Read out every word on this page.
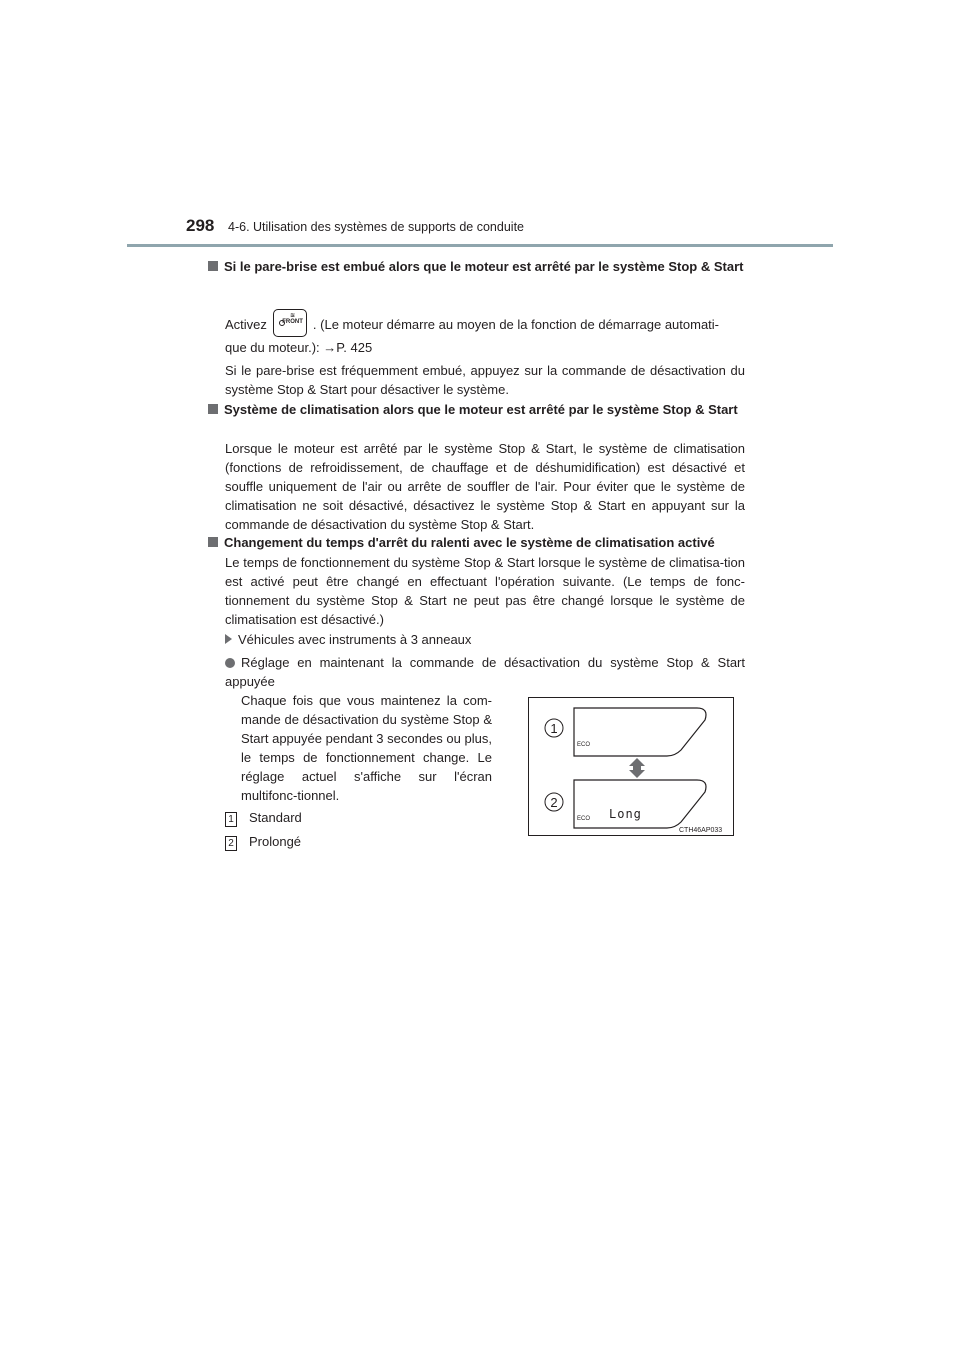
298 4-6. Utilisation des systèmes de supports de conduite
Si le pare-brise est embué alors que le moteur est arrêté par le système Stop & Start
Activez
≋
FRONT . (Le moteur démarre au moyen de la fonction de démarrage automati-
que du moteur.): →P. 425
Si le pare-brise est fréquemment embué, appuyez sur la commande de désactivation du système Stop & Start pour désactiver le système.
Système de climatisation alors que le moteur est arrêté par le système Stop & Start
Lorsque le moteur est arrêté par le système Stop & Start, le système de climatisation (fonctions de refroidissement, de chauffage et de déshumidification) est désactivé et souffle uniquement de l'air ou arrête de souffler de l'air. Pour éviter que le système de climatisation ne soit désactivé, désactivez le système Stop & Start en appuyant sur la commande de désactivation du système Stop & Start.
Changement du temps d'arrêt du ralenti avec le système de climatisation activé
Le temps de fonctionnement du système Stop & Start lorsque le système de climatisa-tion est activé peut être changé en effectuant l'opération suivante. (Le temps de fonc-tionnement du système Stop & Start ne peut pas être changé lorsque le système de climatisation est désactivé.)
Véhicules avec instruments à 3 anneaux
Réglage en maintenant la commande de désactivation du système Stop & Start appuyée
Chaque fois que vous maintenez la com-mande de désactivation du système Stop & Start appuyée pendant 3 secondes ou plus, le temps de fonctionnement change. Le réglage actuel s'affiche sur l'écran multifonc-tionnel.
1 Standard
2 Prolongé
1
2
ECO
ECO Long
CTH46AP033
